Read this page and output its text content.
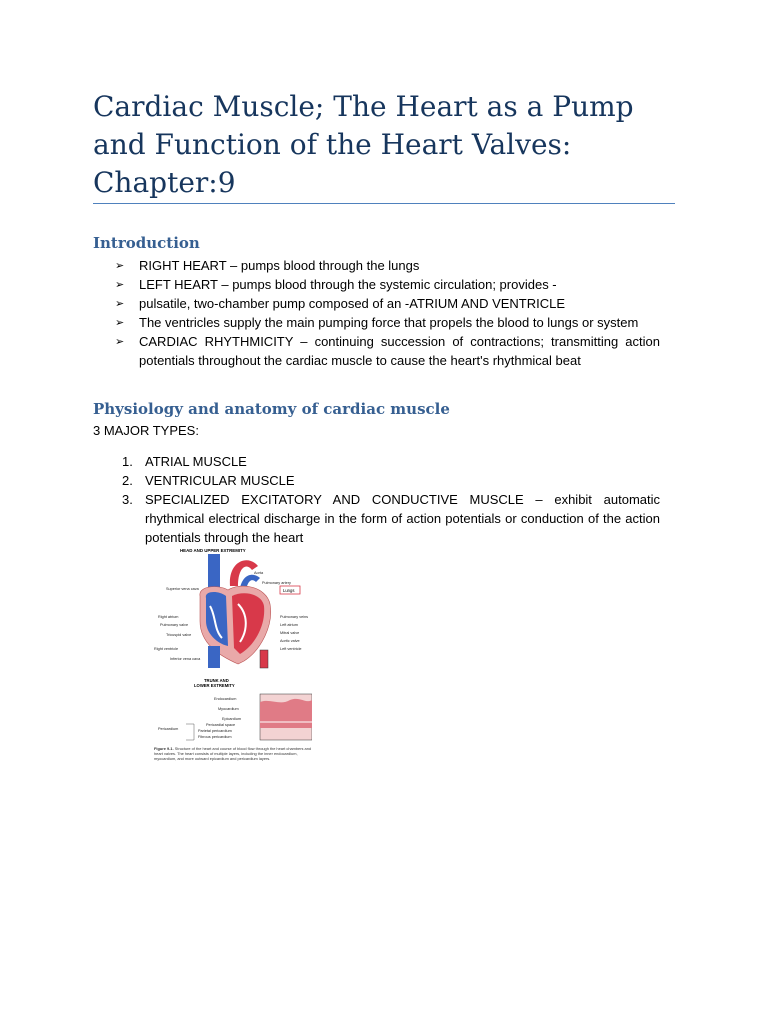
Cardiac Muscle; The Heart as a Pump
and Function of the Heart Valves:
Chapter:9
Introduction
➢ RIGHT HEART – pumps blood through the lungs
➢ LEFT HEART – pumps blood through the systemic circulation; provides -
➢ pulsatile, two-chamber pump composed of an -ATRIUM AND VENTRICLE
➢ The ventricles supply the main pumping force that propels the blood to lungs or system
➢ CARDIAC RHYTHMICITY – continuing succession of contractions; transmitting action potentials throughout the cardiac muscle to cause the heart's rhythmical beat
Physiology and anatomy of cardiac muscle
3 MAJOR TYPES:
1. ATRIAL MUSCLE
2. VENTRICULAR MUSCLE
3. SPECIALIZED EXCITATORY AND CONDUCTIVE MUSCLE – exhibit automatic rhythmical electrical discharge in the form of action potentials or conduction of the action potentials through the heart
HEAD AND UPPER EXTREMITY
Superior vena cava
Right atrium
Pulmonary valve
Tricuspid valve
Right ventricle
Inferior vena cava
Aorta
Pulmonary artery
Pulmonary veins
Left atrium
Mitral valve
Aortic valve
Left ventricle
Lungs
TRUNK AND
LOWER EXTREMITY
Endocardium
Myocardium
Epicardium
Pericardial space
Parietal pericardium
Fibrous pericardium
Pericardium
Figure 9-1. Structure of the heart and course of blood flow through the heart chambers and heart valves. The heart consists of multiple layers, including the inner endocardium, myocardium, and more outward epicardium and pericardium layers.
